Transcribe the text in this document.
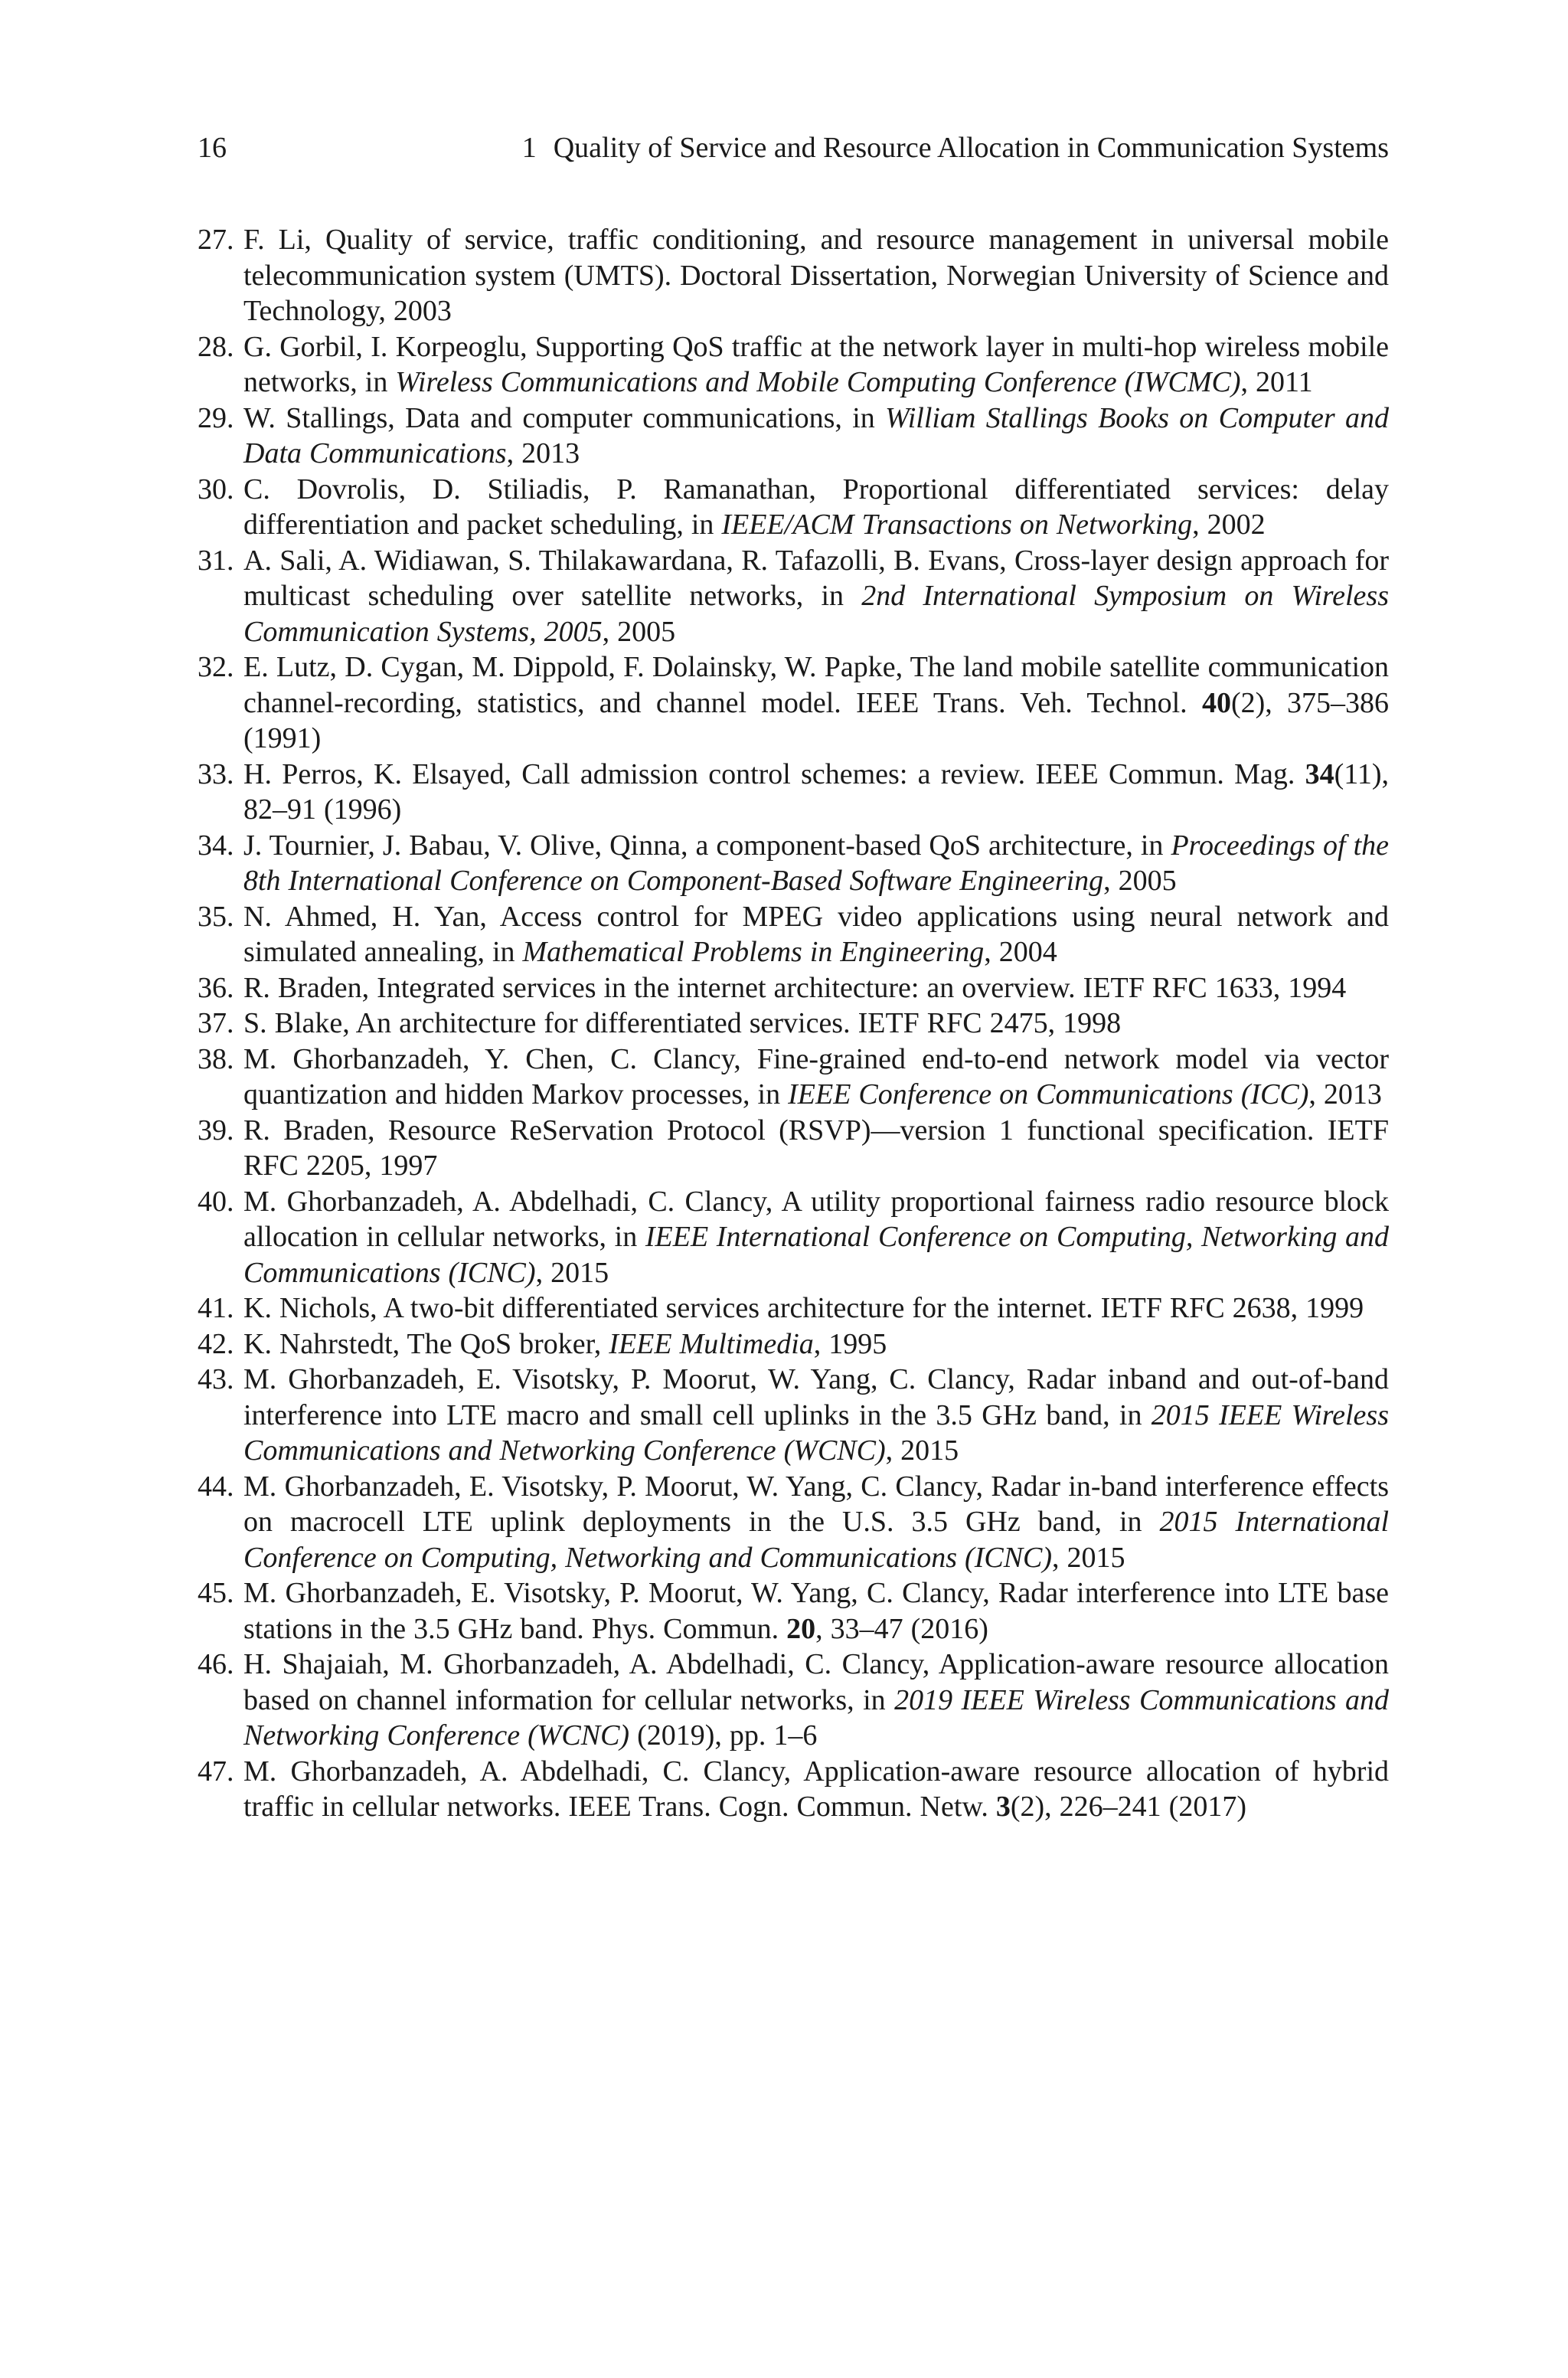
16	1 Quality of Service and Resource Allocation in Communication Systems
27. F. Li, Quality of service, traffic conditioning, and resource management in universal mobile telecommunication system (UMTS). Doctoral Dissertation, Norwegian University of Science and Technology, 2003
28. G. Gorbil, I. Korpeoglu, Supporting QoS traffic at the network layer in multi-hop wireless mobile networks, in Wireless Communications and Mobile Computing Conference (IWCMC), 2011
29. W. Stallings, Data and computer communications, in William Stallings Books on Computer and Data Communications, 2013
30. C. Dovrolis, D. Stiliadis, P. Ramanathan, Proportional differentiated services: delay differentiation and packet scheduling, in IEEE/ACM Transactions on Networking, 2002
31. A. Sali, A. Widiawan, S. Thilakawardana, R. Tafazolli, B. Evans, Cross-layer design approach for multicast scheduling over satellite networks, in 2nd International Symposium on Wireless Communication Systems, 2005, 2005
32. E. Lutz, D. Cygan, M. Dippold, F. Dolainsky, W. Papke, The land mobile satellite communication channel-recording, statistics, and channel model. IEEE Trans. Veh. Technol. 40(2), 375–386 (1991)
33. H. Perros, K. Elsayed, Call admission control schemes: a review. IEEE Commun. Mag. 34(11), 82–91 (1996)
34. J. Tournier, J. Babau, V. Olive, Qinna, a component-based QoS architecture, in Proceedings of the 8th International Conference on Component-Based Software Engineering, 2005
35. N. Ahmed, H. Yan, Access control for MPEG video applications using neural network and simulated annealing, in Mathematical Problems in Engineering, 2004
36. R. Braden, Integrated services in the internet architecture: an overview. IETF RFC 1633, 1994
37. S. Blake, An architecture for differentiated services. IETF RFC 2475, 1998
38. M. Ghorbanzadeh, Y. Chen, C. Clancy, Fine-grained end-to-end network model via vector quantization and hidden Markov processes, in IEEE Conference on Communications (ICC), 2013
39. R. Braden, Resource ReServation Protocol (RSVP)—version 1 functional specification. IETF RFC 2205, 1997
40. M. Ghorbanzadeh, A. Abdelhadi, C. Clancy, A utility proportional fairness radio resource block allocation in cellular networks, in IEEE International Conference on Computing, Networking and Communications (ICNC), 2015
41. K. Nichols, A two-bit differentiated services architecture for the internet. IETF RFC 2638, 1999
42. K. Nahrstedt, The QoS broker, IEEE Multimedia, 1995
43. M. Ghorbanzadeh, E. Visotsky, P. Moorut, W. Yang, C. Clancy, Radar inband and out-of-band interference into LTE macro and small cell uplinks in the 3.5 GHz band, in 2015 IEEE Wireless Communications and Networking Conference (WCNC), 2015
44. M. Ghorbanzadeh, E. Visotsky, P. Moorut, W. Yang, C. Clancy, Radar in-band interference effects on macrocell LTE uplink deployments in the U.S. 3.5 GHz band, in 2015 International Conference on Computing, Networking and Communications (ICNC), 2015
45. M. Ghorbanzadeh, E. Visotsky, P. Moorut, W. Yang, C. Clancy, Radar interference into LTE base stations in the 3.5 GHz band. Phys. Commun. 20, 33–47 (2016)
46. H. Shajaiah, M. Ghorbanzadeh, A. Abdelhadi, C. Clancy, Application-aware resource allocation based on channel information for cellular networks, in 2019 IEEE Wireless Communications and Networking Conference (WCNC) (2019), pp. 1–6
47. M. Ghorbanzadeh, A. Abdelhadi, C. Clancy, Application-aware resource allocation of hybrid traffic in cellular networks. IEEE Trans. Cogn. Commun. Netw. 3(2), 226–241 (2017)
